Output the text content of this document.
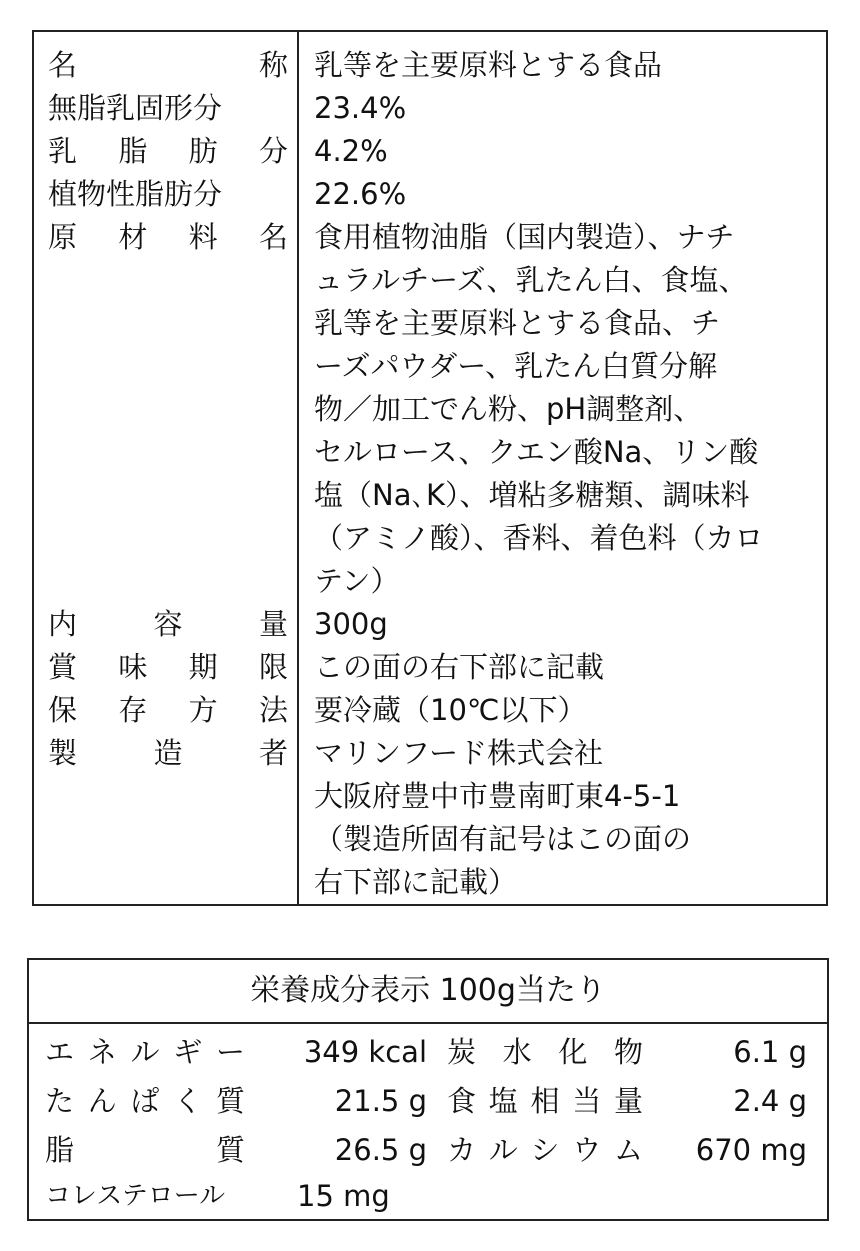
名	称 乳等を主要原料とする食品
無脂乳固形分	23.4%
乳 脂 肪 分 4.2%
植物性脂肪分	22.6%
原 材 料 名 食用植物油脂（国内製造）、ナチ
ュラルチーズ、乳たん白、食塩、
乳等を主要原料とする食品、チ
ーズパウダー、乳たん白質分解
物／加工でん粉、pH調整剤、
セルロース、クエン酸Na、リン酸
塩（Na､K）、増粘多糖類、調味料
（アミノ酸）、香料、着色料（カロ
テン）
内	容	量 300g
賞 味 期 限 この面の右下部に記載
保 存 方 法 要冷蔵（10℃以下）
製	造	者 マリンフード株式会社
大阪府豊中市豊南町東4-5-1
（製造所固有記号はこの面の
右下部に記載）
栄養成分表示 100g当たり
エ ネ ル ギ ー	349 kcal 炭 水 化 物	6.1 g
た ん ぱ く 質	21.5 g 食 塩 相 当 量	2.4 g
脂	質	26.5 g カ ル シ ウ ム	670 mg
コレステロール 15 mg
